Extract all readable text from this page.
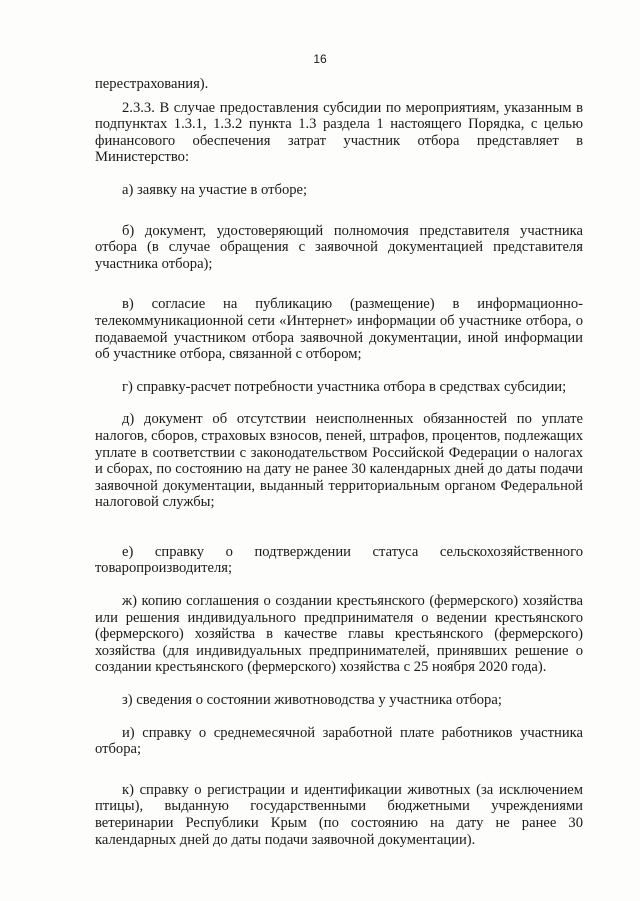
16

перестрахования).

2.3.3. В случае предоставления субсидии по мероприятиям, указанным в подпунктах 1.3.1, 1.3.2 пункта 1.3 раздела 1 настоящего Порядка, с целью финансового обеспечения затрат участник отбора представляет в Министерство:

а) заявку на участие в отборе;

б) документ, удостоверяющий полномочия представителя участника отбора (в случае обращения с заявочной документацией представителя участника отбора);

в) согласие на публикацию (размещение) в информационно-телекоммуникационной сети «Интернет» информации об участнике отбора, о подаваемой участником отбора заявочной документации, иной информации об участнике отбора, связанной с отбором;

г) справку-расчет потребности участника отбора в средствах субсидии;

д) документ об отсутствии неисполненных обязанностей по уплате налогов, сборов, страховых взносов, пеней, штрафов, процентов, подлежащих уплате в соответствии с законодательством Российской Федерации о налогах и сборах, по состоянию на дату не ранее 30 календарных дней до даты подачи заявочной документации, выданный территориальным органом Федеральной налоговой службы;

е) справку о подтверждении статуса сельскохозяйственного товаропроизводителя;

ж) копию соглашения о создании крестьянского (фермерского) хозяйства или решения индивидуального предпринимателя о ведении крестьянского (фермерского) хозяйства в качестве главы крестьянского (фермерского) хозяйства (для индивидуальных предпринимателей, принявших решение о создании крестьянского (фермерского) хозяйства с 25 ноября 2020 года).

з) сведения о состоянии животноводства у участника отбора;

и) справку о среднемесячной заработной плате работников участника отбора;

к) справку о регистрации и идентификации животных (за исключением птицы), выданную государственными бюджетными учреждениями ветеринарии Республики Крым (по состоянию на дату не ранее 30 календарных дней до даты подачи заявочной документации).
